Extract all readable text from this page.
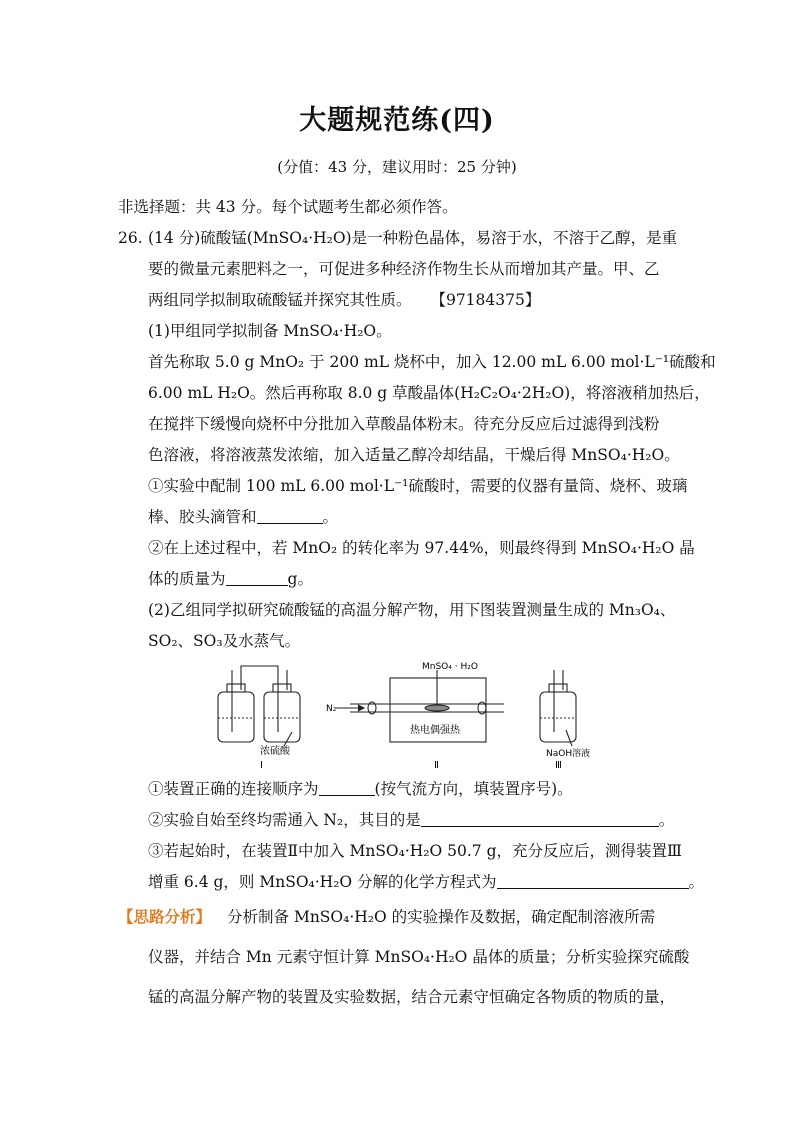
大题规范练(四)
(分值：43 分，建议用时：25 分钟)
非选择题：共 43 分。每个试题考生都必须作答。
26. (14 分)硫酸锰(MnSO₄·H₂O)是一种粉色晶体，易溶于水，不溶于乙醇，是重
要的微量元素肥料之一，可促进多种经济作物生长从而增加其产量。甲、乙
两组同学拟制取硫酸锰并探究其性质。 【97184375】
(1)甲组同学拟制备 MnSO₄·H₂O。
首先称取 5.0 g MnO₂ 于 200 mL 烧杯中，加入 12.00 mL 6.00 mol·L⁻¹硫酸和
6.00 mL H₂O。然后再称取 8.0 g 草酸晶体(H₂C₂O₄·2H₂O)，将溶液稍加热后，
在搅拌下缓慢向烧杯中分批加入草酸晶体粉末。待充分反应后过滤得到浅粉
色溶液，将溶液蒸发浓缩，加入适量乙醇冷却结晶，干燥后得 MnSO₄·H₂O。
①实验中配制 100 mL 6.00 mol·L⁻¹硫酸时，需要的仪器有量筒、烧杯、玻璃
棒、胶头滴管和	。
②在上述过程中，若 MnO₂ 的转化率为 97.44%，则最终得到 MnSO₄·H₂O 晶
体的质量为	g。
(2)乙组同学拟研究硫酸锰的高温分解产物，用下图装置测量生成的 Mn₃O₄、
SO₂、SO₃及水蒸气。
MnSO₄ · H₂O
N₂
热电偶强热
浓硫酸	NaOH溶液
Ⅰ	Ⅱ	Ⅲ
①装置正确的连接顺序为	(按气流方向，填装置序号)。
②实验自始至终均需通入 N₂，其目的是	。
③若起始时，在装置Ⅱ中加入 MnSO₄·H₂O 50.7 g，充分反应后，测得装置Ⅲ
增重 6.4 g，则 MnSO₄·H₂O 分解的化学方程式为	。
【思路分析】 分析制备 MnSO₄·H₂O 的实验操作及数据，确定配制溶液所需
仪器，并结合 Mn 元素守恒计算 MnSO₄·H₂O 晶体的质量；分析实验探究硫酸
锰的高温分解产物的装置及实验数据，结合元素守恒确定各物质的物质的量，
